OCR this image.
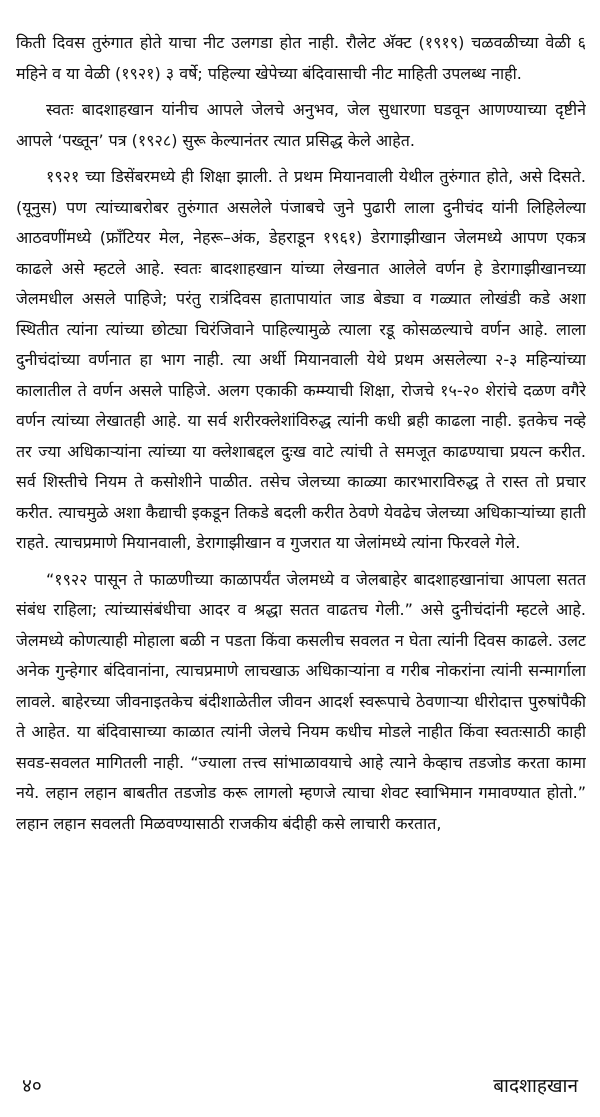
किती दिवस तुरुंगात होते याचा नीट उलगडा होत नाही. रौलेट अ‍ॅक्ट (१९१९) चळवळीच्या वेळी ६ महिने व या वेळी (१९२१) ३ वर्षे; पहिल्या खेपेच्या बंदिवासाची नीट माहिती उपलब्ध नाही.

स्वतः बादशाहखान यांनीच आपले जेलचे अनुभव, जेल सुधारणा घडवून आणण्याच्या दृष्टीने आपले ‘पख्तून’ पत्र (१९२८) सुरू केल्यानंतर त्यात प्रसिद्ध केले आहेत.

१९२१ च्या डिसेंबरमध्ये ही शिक्षा झाली. ते प्रथम मियानवाली येथील तुरुंगात होते, असे दिसते. (यूनुस) पण त्यांच्याबरोबर तुरुंगात असलेले पंजाबचे जुने पुढारी लाला दुनीचंद यांनी लिहिलेल्या आठवणींमध्ये (फ्रॉंटियर मेल, नेहरू–अंक, डेहराडून १९६१) डेरागाझीखान जेलमध्ये आपण एकत्र काढले असे म्हटले आहे. स्वतः बादशाहखान यांच्या लेखनात आलेले वर्णन हे डेरागाझीखानच्या जेलमधील असले पाहिजे; परंतु रात्रंदिवस हातापायांत जाड बेड्या व गळ्यात लोखंडी कडे अशा स्थितीत त्यांना त्यांच्या छोट्या चिरंजिवाने पाहिल्यामुळे त्याला रडू कोसळल्याचे वर्णन आहे. लाला दुनीचंदांच्या वर्णनात हा भाग नाही. त्या अर्थी मियानवाली येथे प्रथम असलेल्या २-३ महिन्यांच्या कालातील ते वर्णन असले पाहिजे. अलग एकाकी कम्म्याची शिक्षा, रोजचे १५-२० शेरांचे दळण वगैरे वर्णन त्यांच्या लेखातही आहे. या सर्व शरीरक्लेशांविरुद्ध त्यांनी कधी ब्रही काढला नाही. इतकेच नव्हे तर ज्या अधिकाऱ्यांना त्यांच्या या क्लेशाबद्दल दुःख वाटे त्यांची ते समजूत काढण्याचा प्रयत्न करीत. सर्व शिस्तीचे नियम ते कसोशीने पाळीत. तसेच जेलच्या काळ्या कारभाराविरुद्ध ते रास्त तो प्रचार करीत. त्याचमुळे अशा कैद्याची इकडून तिकडे बदली करीत ठेवणे येवढेच जेलच्या अधिकाऱ्यांच्या हाती राहते. त्याचप्रमाणे मियानवाली, डेरागाझीखान व गुजरात या जेलांमध्ये त्यांना फिरवले गेले.

“१९२२ पासून ते फाळणीच्या काळापर्यंत जेलमध्ये व जेलबाहेर बादशाहखानांचा आपला सतत संबंध राहिला; त्यांच्यासंबंधीचा आदर व श्रद्धा सतत वाढतच गेली.” असे दुनीचंदांनी म्हटले आहे. जेलमध्ये कोणत्याही मोहाला बळी न पडता किंवा कसलीच सवलत न घेता त्यांनी दिवस काढले. उलट अनेक गुन्हेगार बंदिवानांना, त्याचप्रमाणे लाचखाऊ अधिकाऱ्यांना व गरीब नोकरांना त्यांनी सन्मार्गाला लावले. बाहेरच्या जीवनाइतकेच बंदीशाळेतील जीवन आदर्श स्वरूपाचे ठेवणाऱ्या धीरोदात्त पुरुषांपैकी ते आहेत. या बंदिवासाच्या काळात त्यांनी जेलचे नियम कधीच मोडले नाहीत किंवा स्वतःसाठी काही सवड-सवलत मागितली नाही. “ज्याला तत्त्व सांभाळावयाचे आहे त्याने केव्हाच तडजोड करता कामा नये. लहान लहान बाबतीत तडजोड करू लागलो म्हणजे त्याचा शेवट स्वाभिमान गमावण्यात होतो.” लहान लहान सवलती मिळवण्यासाठी राजकीय बंदीही कसे लाचारी करतात,

४०	बादशाहखान
